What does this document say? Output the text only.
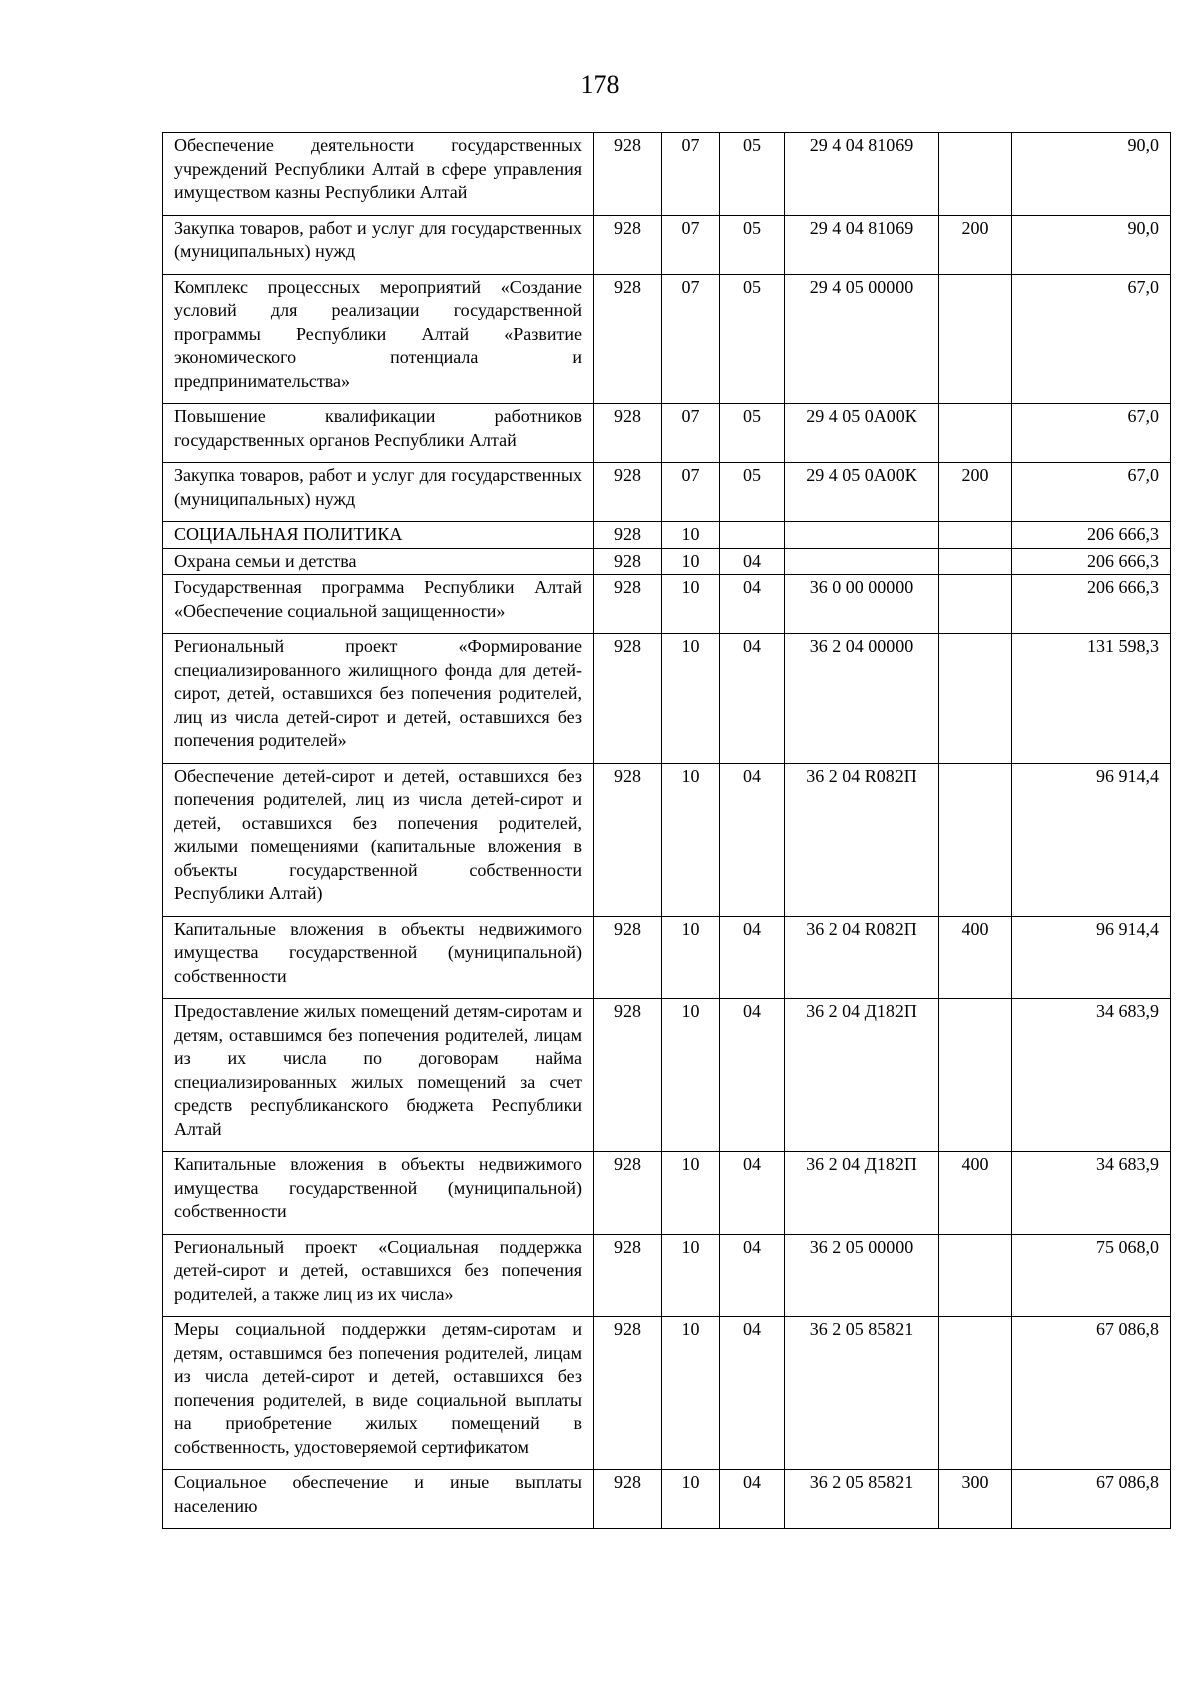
178
Обеспечение деятельности государственных учреждений Республики Алтай в сфере управления имуществом казны Республики Алтай	928	07	05	29 4 04 81069		90,0
Закупка товаров, работ и услуг для государственных (муниципальных) нужд	928	07	05	29 4 04 81069	200	90,0
Комплекс процессных мероприятий «Создание условий для реализации государственной программы Республики Алтай «Развитие экономического потенциала и предпринимательства»	928	07	05	29 4 05 00000		67,0
Повышение квалификации работников государственных органов Республики Алтай	928	07	05	29 4 05 0А00К		67,0
Закупка товаров, работ и услуг для государственных (муниципальных) нужд	928	07	05	29 4 05 0А00К	200	67,0
СОЦИАЛЬНАЯ ПОЛИТИКА	928	10				206 666,3
Охрана семьи и детства	928	10	04			206 666,3
Государственная программа Республики Алтай «Обеспечение социальной защищенности»	928	10	04	36 0 00 00000		206 666,3
Региональный проект «Формирование специализированного жилищного фонда для детей-сирот, детей, оставшихся без попечения родителей, лиц из числа детей-сирот и детей, оставшихся без попечения родителей»	928	10	04	36 2 04 00000		131 598,3
Обеспечение детей-сирот и детей, оставшихся без попечения родителей, лиц из числа детей-сирот и детей, оставшихся без попечения родителей, жилыми помещениями (капитальные вложения в объекты государственной собственности Республики Алтай)	928	10	04	36 2 04 R082П		96 914,4
Капитальные вложения в объекты недвижимого имущества государственной (муниципальной) собственности	928	10	04	36 2 04 R082П	400	96 914,4
Предоставление жилых помещений детям-сиротам и детям, оставшимся без попечения родителей, лицам из их числа по договорам найма специализированных жилых помещений за счет средств республиканского бюджета Республики Алтай	928	10	04	36 2 04 Д182П		34 683,9
Капитальные вложения в объекты недвижимого имущества государственной (муниципальной) собственности	928	10	04	36 2 04 Д182П	400	34 683,9
Региональный проект «Социальная поддержка детей-сирот и детей, оставшихся без попечения родителей, а также лиц из их числа»	928	10	04	36 2 05 00000		75 068,0
Меры социальной поддержки детям-сиротам и детям, оставшимся без попечения родителей, лицам из числа детей-сирот и детей, оставшихся без попечения родителей, в виде социальной выплаты на приобретение жилых помещений в собственность, удостоверяемой сертификатом	928	10	04	36 2 05 85821		67 086,8
Социальное обеспечение и иные выплаты населению	928	10	04	36 2 05 85821	300	67 086,8
